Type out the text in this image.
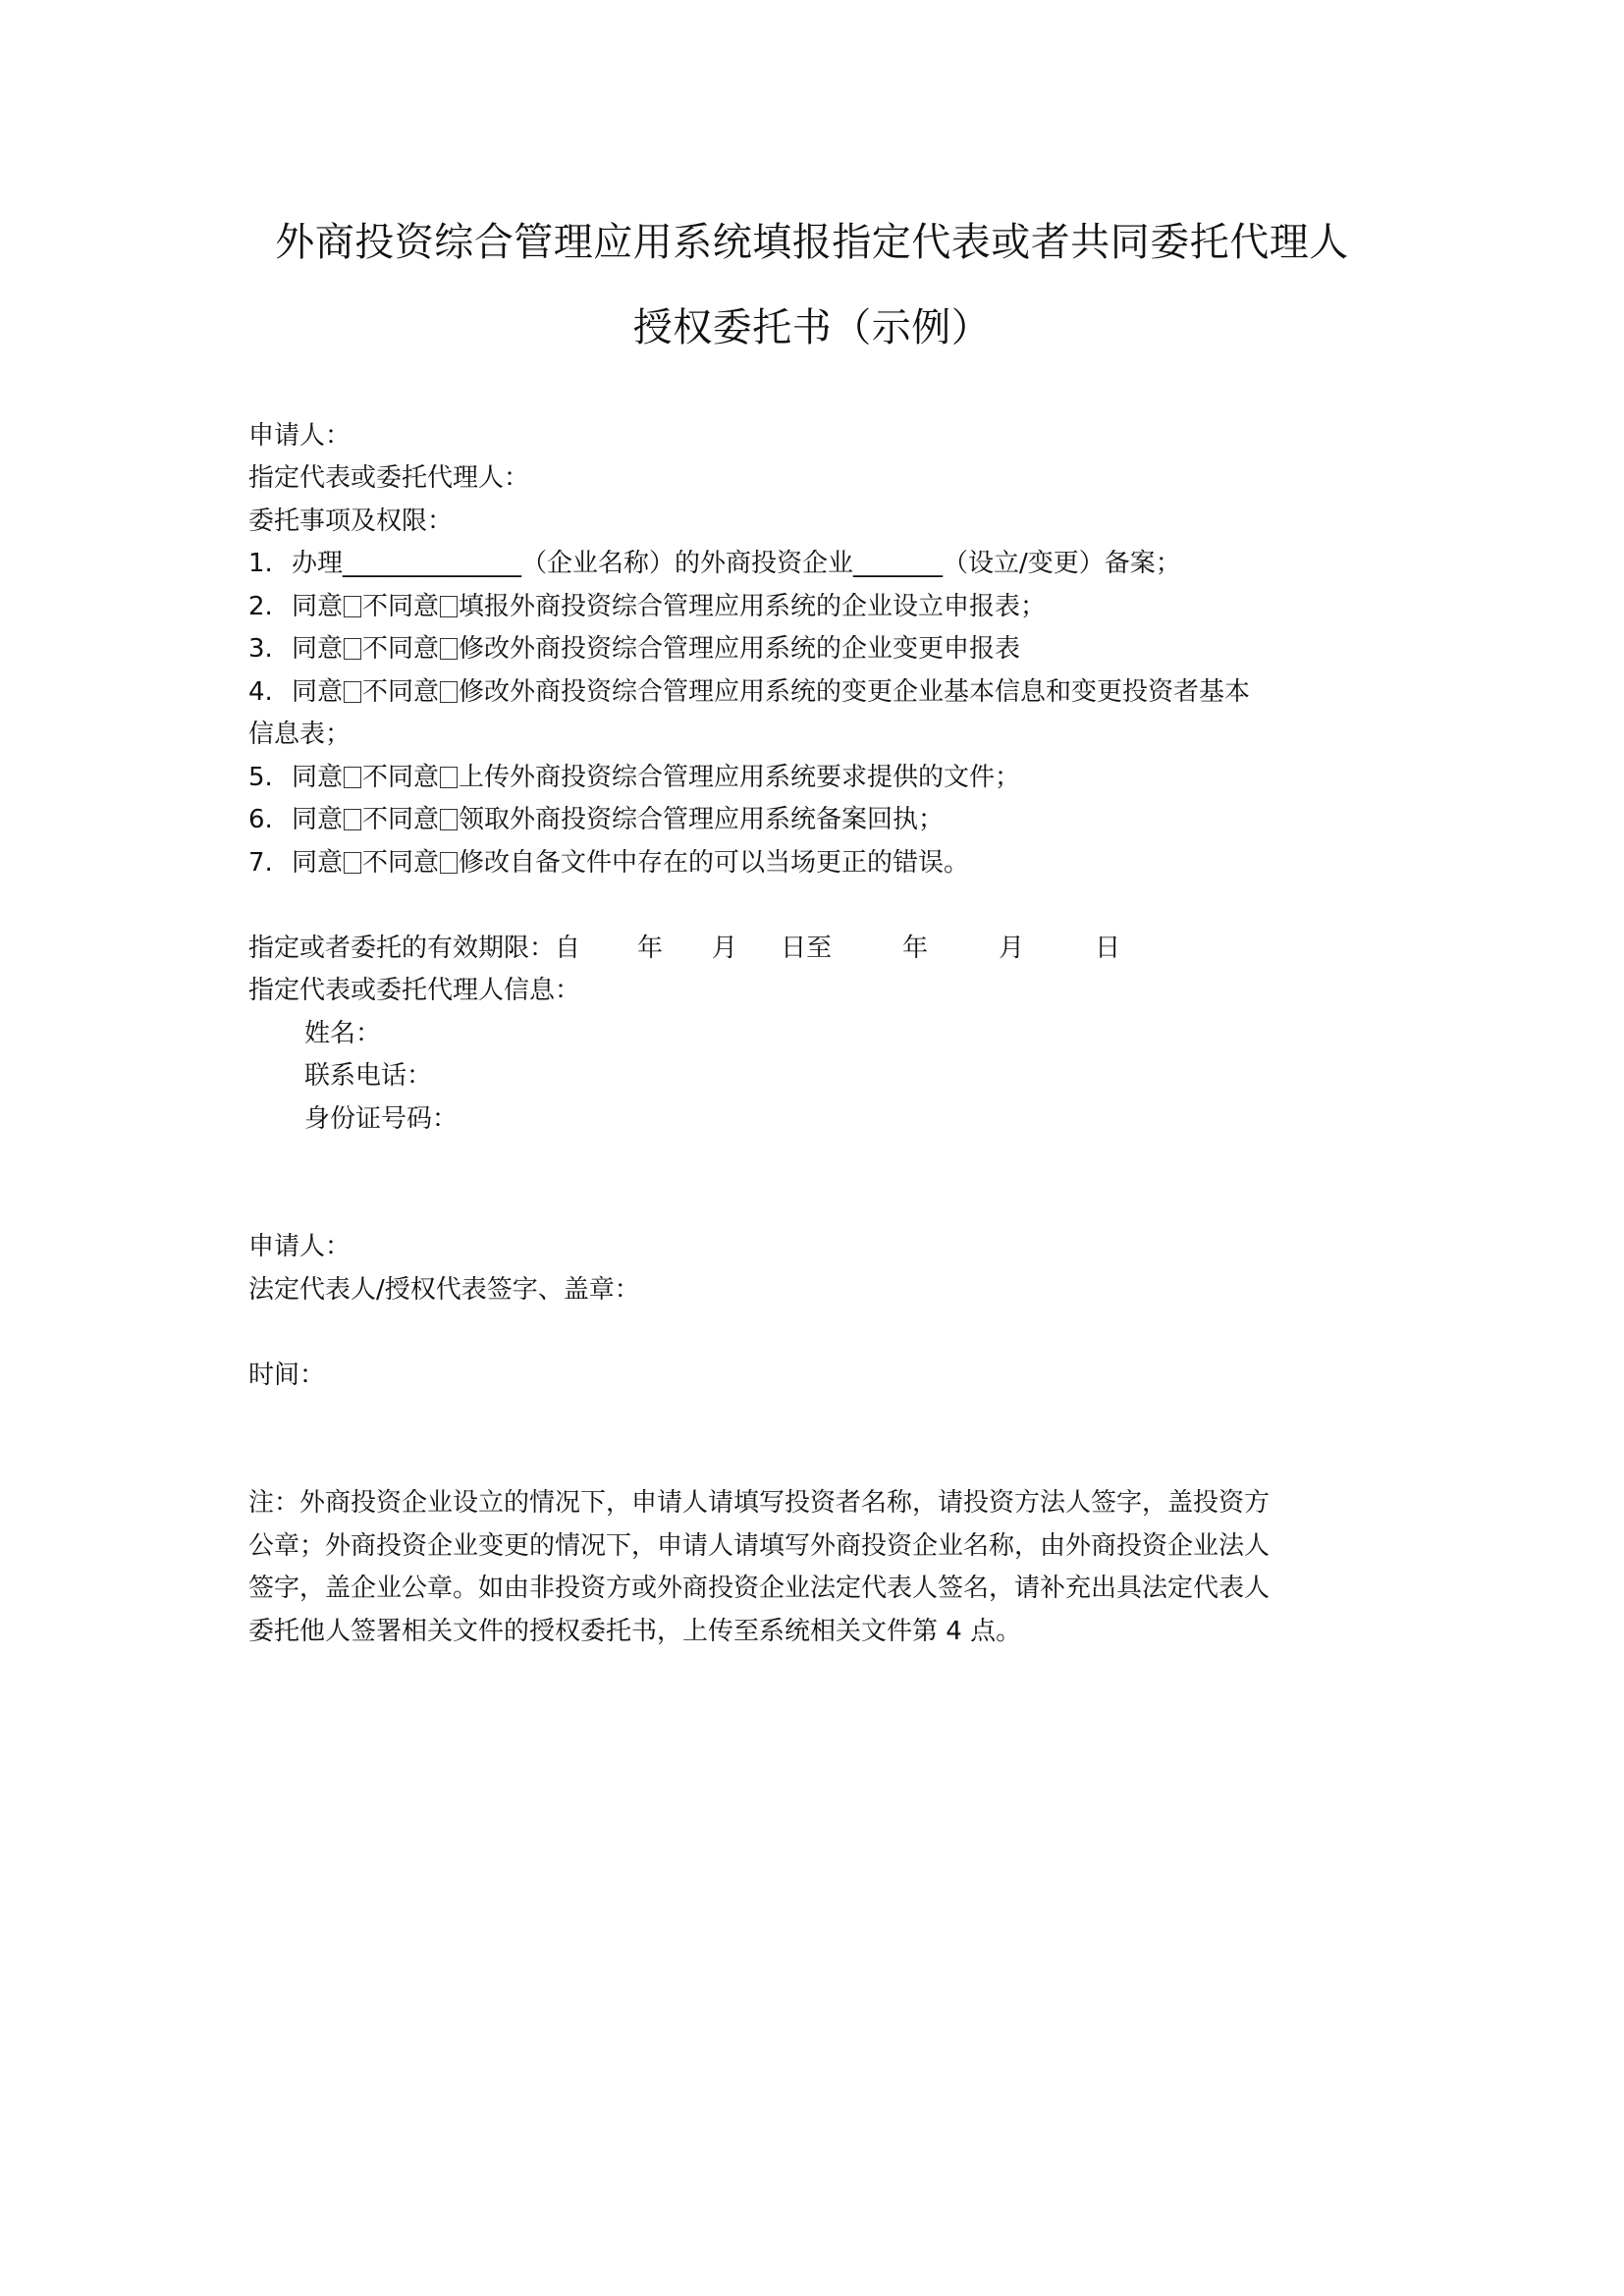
外商投资综合管理应用系统填报指定代表或者共同委托代理人
授权委托书（示例）
申请人：
指定代表或委托代理人：
委托事项及权限：
1. 办理______________（企业名称）的外商投资企业_______（设立/变更）备案；
2. 同意 不同意 填报外商投资综合管理应用系统的企业设立申报表；
3. 同意 不同意 修改外商投资综合管理应用系统的企业变更申报表
4. 同意 不同意 修改外商投资综合管理应用系统的变更企业基本信息和变更投资者基本
信息表；
5. 同意 不同意 上传外商投资综合管理应用系统要求提供的文件；
6. 同意 不同意 领取外商投资综合管理应用系统备案回执；
7. 同意 不同意 修改自备文件中存在的可以当场更正的错误。
指定或者委托的有效期限：自 年 月 日至	年	月	日
指定代表或委托代理人信息：
姓名：
联系电话：
身份证号码：
申请人：
法定代表人/授权代表签字、盖章：
时间：
注：外商投资企业设立的情况下，申请人请填写投资者名称，请投资方法人签字，盖投资方
公章；外商投资企业变更的情况下，申请人请填写外商投资企业名称，由外商投资企业法人
签字，盖企业公章。如由非投资方或外商投资企业法定代表人签名，请补充出具法定代表人
委托他人签署相关文件的授权委托书，上传至系统相关文件第 4 点。
